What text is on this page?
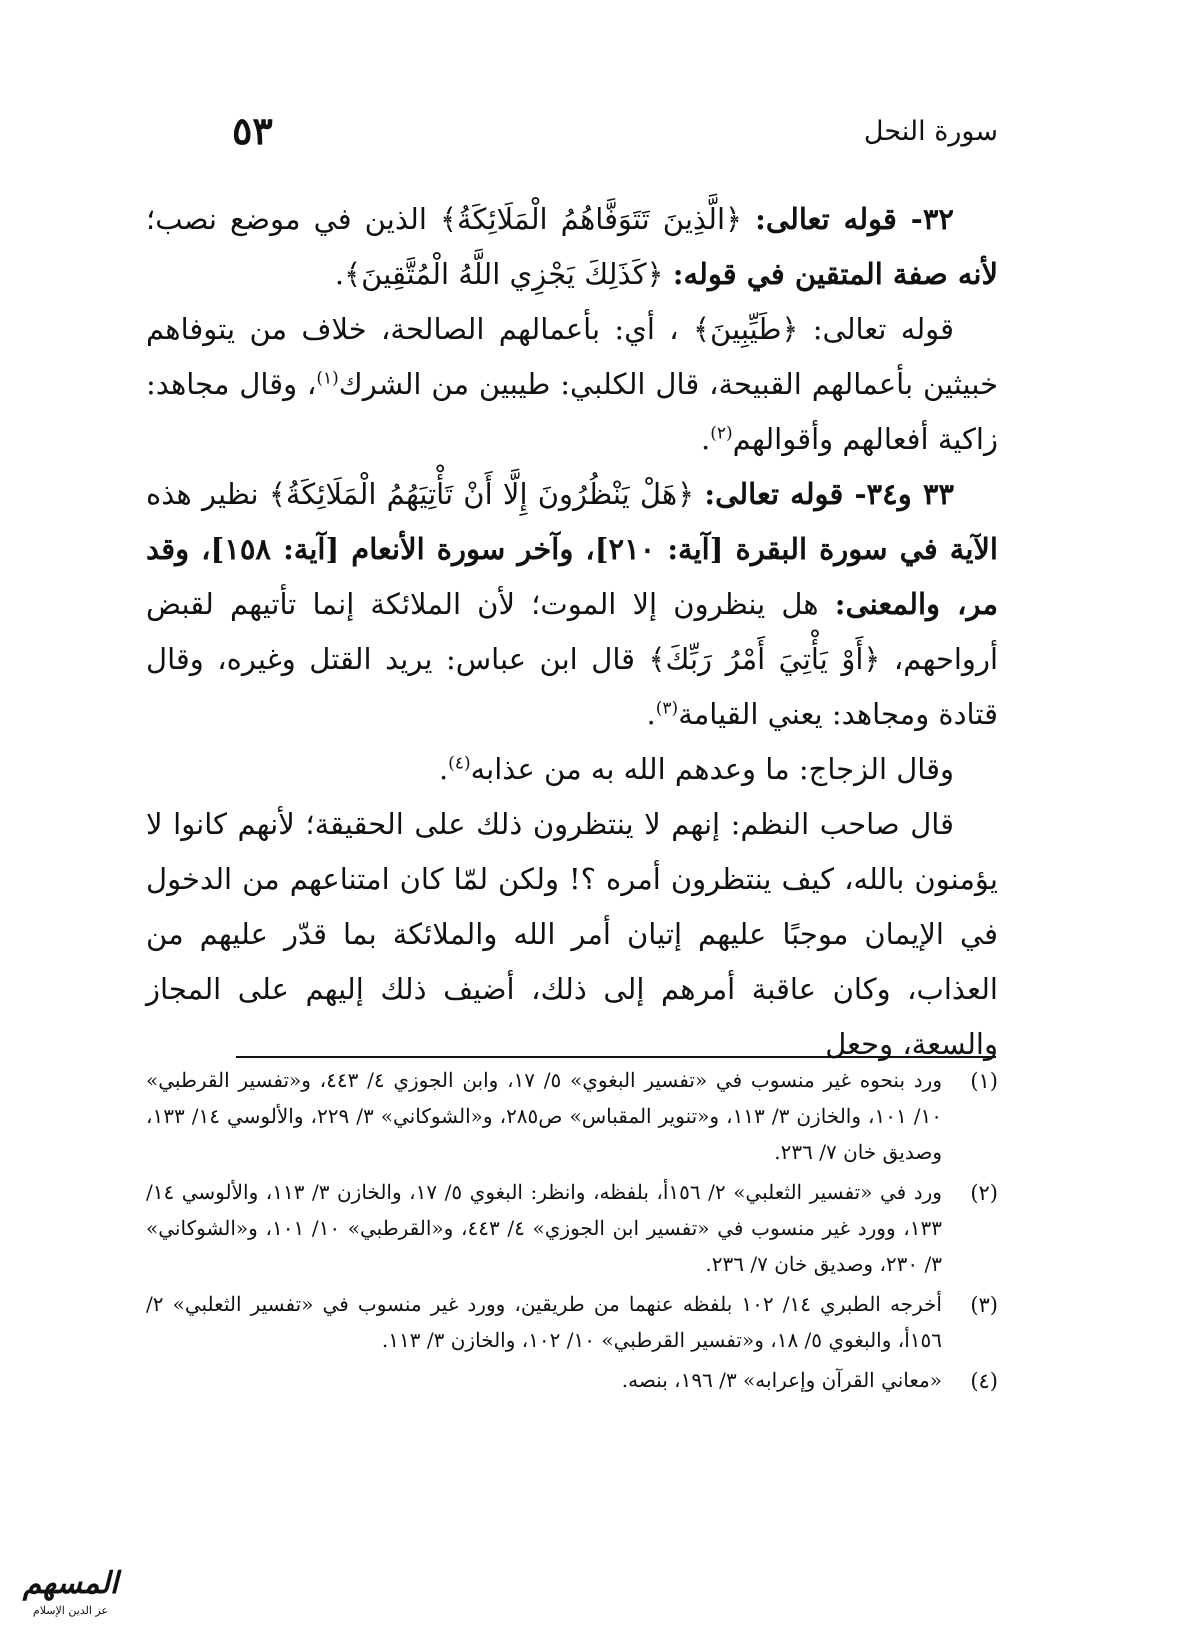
سورة النحل
٥٣

٣٢- قوله تعالى: ﴿الَّذِينَ تَتَوَفَّاهُمُ الْمَلَائِكَةُ﴾ الذين في موضع نصب؛ لأنه صفة المتقين في قوله: ﴿كَذَلِكَ يَجْزِي اللَّهُ الْمُتَّقِينَ﴾.

قوله تعالى: ﴿طَيِّبِينَ﴾ ، أي: بأعمالهم الصالحة، خلاف من يتوفاهم خبيثين بأعمالهم القبيحة، قال الكلبي: طيبين من الشرك$^{(١)}$، وقال مجاهد: زاكية أفعالهم وأقوالهم$^{(٢)}$.

٣٣ و٣٤- قوله تعالى: ﴿هَلْ يَنْظُرُونَ إِلَّا أَنْ تَأْتِيَهُمُ الْمَلَائِكَةُ﴾ نظير هذه الآية في سورة البقرة [آية: ٢١٠]، وآخر سورة الأنعام [آية: ١٥٨]، وقد مر، والمعنى: هل ينظرون إلا الموت؛ لأن الملائكة إنما تأتيهم لقبض أرواحهم، ﴿أَوْ يَأْتِيَ أَمْرُ رَبِّكَ﴾ قال ابن عباس: يريد القتل وغيره، وقال قتادة ومجاهد: يعني القيامة$^{(٣)}$.

وقال الزجاج: ما وعدهم الله به من عذابه$^{(٤)}$.

قال صاحب النظم: إنهم لا ينتظرون ذلك على الحقيقة؛ لأنهم كانوا لا يؤمنون بالله، كيف ينتظرون أمره ؟! ولكن لمّا كان امتناعهم من الدخول في الإيمان موجبًا عليهم إتيان أمر الله والملائكة بما قدّر عليهم من العذاب، وكان عاقبة أمرهم إلى ذلك، أضيف ذلك إليهم على المجاز والسعة، وجعل

(١)
ورد بنحوه غير منسوب في «تفسير البغوي» ٥/ ١٧، وابن الجوزي ٤/ ٤٤٣، و«تفسير القرطبي» ١٠/ ١٠١، والخازن ٣/ ١١٣، و«تنوير المقباس» ص٢٨٥، و«الشوكاني» ٣/ ٢٢٩، والألوسي ١٤/ ١٣٣، وصديق خان ٧/ ٢٣٦.
(٢)
ورد في «تفسير الثعلبي» ٢/ ١٥٦أ، بلفظه، وانظر: البغوي ٥/ ١٧، والخازن ٣/ ١١٣، والألوسي ١٤/ ١٣٣، وورد غير منسوب في «تفسير ابن الجوزي» ٤/ ٤٤٣، و«القرطبي» ١٠/ ١٠١، و«الشوكاني» ٣/ ٢٣٠، وصديق خان ٧/ ٢٣٦.
(٣)
أخرجه الطبري ١٤/ ١٠٢ بلفظه عنهما من طريقين، وورد غير منسوب في «تفسير الثعلبي» ٢/ ١٥٦أ، والبغوي ٥/ ١٨، و«تفسير القرطبي» ١٠/ ١٠٢، والخازن ٣/ ١١٣.
(٤)
«معاني القرآن وإعرابه» ٣/ ١٩٦، بنصه.
المسهم
عز الدين الإسلام
